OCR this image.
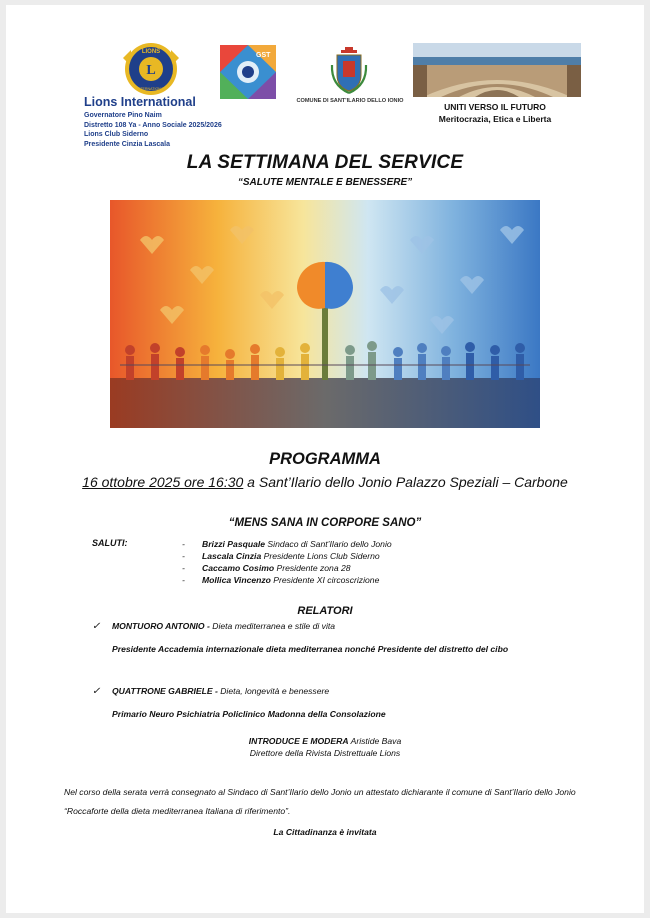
L
LIONS
INTERNATIONAL
Lions International
Governatore Pino Naim
Distretto 108 Ya - Anno Sociale 2025/2026
Lions Club Siderno
Presidente Cinzia Lascala
GST
COMUNE DI SANT'ILARIO DELLO IONIO
UNITI VERSO IL FUTURO
Meritocrazia, Etica e Liberta
LA SETTIMANA DEL SERVICE
“SALUTE MENTALE E BENESSERE”
PROGRAMMA
16 ottobre 2025 ore 16:30 a Sant’Ilario dello Jonio Palazzo Speziali – Carbone
“MENS SANA IN CORPORE SANO”
SALUTI:	- Brizzi Pasquale Sindaco di Sant’Ilario dello Jonio
- Lascala Cinzia Presidente Lions Club Siderno
- Caccamo Cosimo Presidente zona 28
- Mollica Vincenzo Presidente XI circoscrizione
RELATORI
✓ MONTUORO ANTONIO - Dieta mediterranea e stile di vita
Presidente Accademia internazionale dieta mediterranea nonché Presidente del distretto del cibo
✓ QUATTRONE GABRIELE - Dieta, longevità e benessere
Primario Neuro Psichiatria Policlinico Madonna della Consolazione
INTRODUCE E MODERA Aristide Bava
Direttore della Rivista Distrettuale Lions
Nel corso della serata verrà consegnato al Sindaco di Sant’Ilario dello Jonio un attestato dichiarante il comune di Sant’Ilario dello Jonio “Roccaforte della dieta mediterranea Italiana di riferimento”.
La Cittadinanza è invitata
